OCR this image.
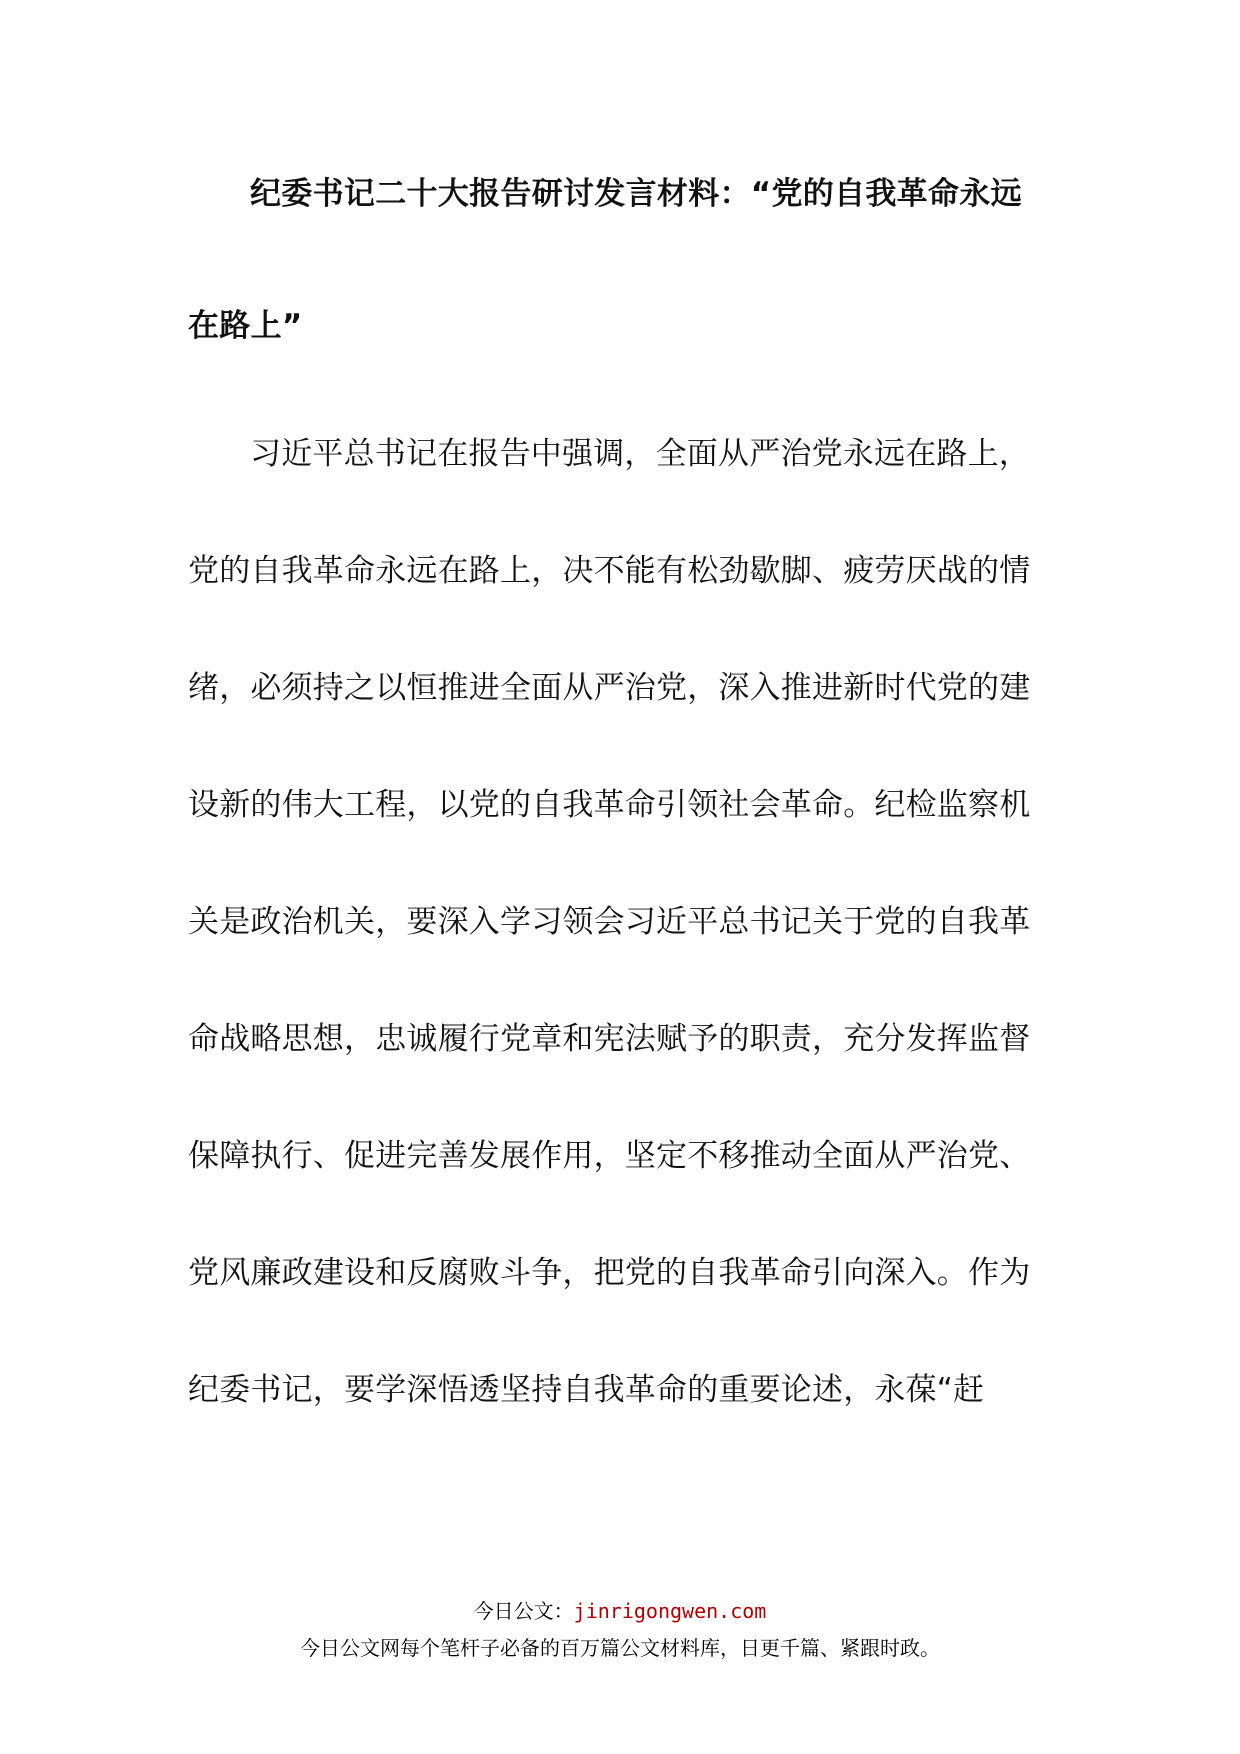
纪委书记二十大报告研讨发言材料：“党的自我革命永远
在路上”
习近平总书记在报告中强调，全面从严治党永远在路上，
党的自我革命永远在路上，决不能有松劲歇脚、疲劳厌战的情
绪，必须持之以恒推进全面从严治党，深入推进新时代党的建
设新的伟大工程，以党的自我革命引领社会革命。纪检监察机
关是政治机关，要深入学习领会习近平总书记关于党的自我革
命战略思想，忠诚履行党章和宪法赋予的职责，充分发挥监督
保障执行、促进完善发展作用，坚定不移推动全面从严治党、
党风廉政建设和反腐败斗争，把党的自我革命引向深入。作为
纪委书记，要学深悟透坚持自我革命的重要论述，永葆“赶
今日公文：jinrigongwen.com
今日公文网每个笔杆子必备的百万篇公文材料库，日更千篇、紧跟时政。
